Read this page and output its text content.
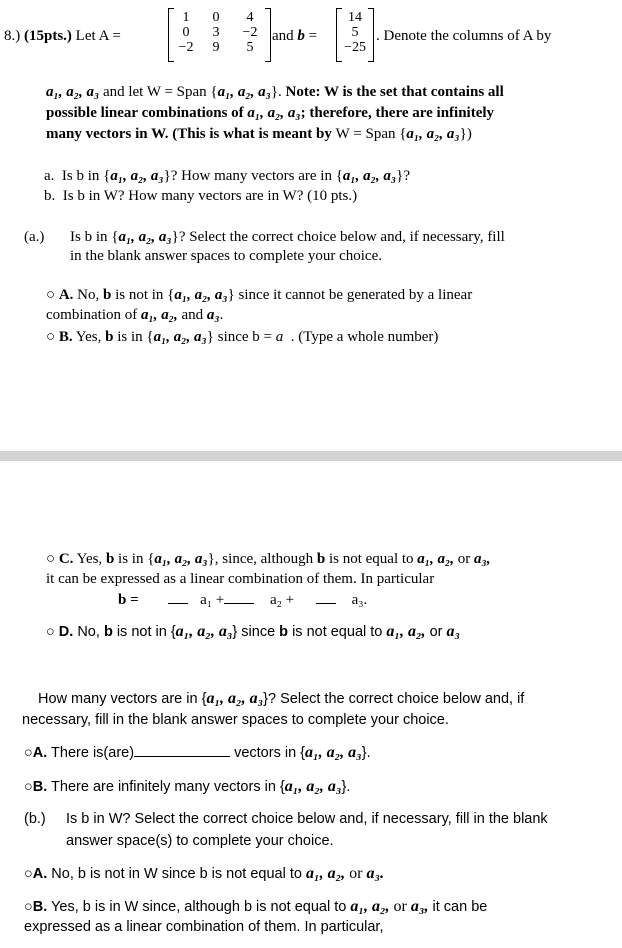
8.) (15pts.) Let A =
1	0	4
0	3	−2
−2	9	5
and b =
14
5
−25
. Denote the columns of A by
a₁, a₂, a₃ and let W = Span {a₁, a₂, a₃}. Note: W is the set that contains all
possible linear combinations of a₁, a₂, a₃; therefore, there are infinitely
many vectors in W. (This is what is meant by W = Span {a₁, a₂, a₃})
a. Is b in {a₁, a₂, a₃}? How many vectors are in {a₁, a₂, a₃}?
b. Is b in W? How many vectors are in W? (10 pts.)
(a.) Is b in {a₁, a₂, a₃}? Select the correct choice below and, if necessary, fill
in the blank answer spaces to complete your choice.
○ A. No, b is not in {a₁, a₂, a₃} since it cannot be generated by a linear
combination of a₁, a₂, and a₃.
○ B. Yes, b is in {a₁, a₂, a₃} since b = a . (Type a whole number)
○ C. Yes, b is in {a₁, a₂, a₃}, since, although b is not equal to a₁, a₂, or a₃,
it can be expressed as a linear combination of them. In particular
b =	a₁ +	a₂ +	a₃.
○ D. No, b is not in {a₁, a₂, a₃} since b is not equal to a₁, a₂, or a₃
How many vectors are in {a₁, a₂, a₃}? Select the correct choice below and, if
necessary, fill in the blank answer spaces to complete your choice.
○A. There is(are)	vectors in {a₁, a₂, a₃}.
○B. There are infinitely many vectors in {a₁, a₂, a₃}.
(b.) Is b in W? Select the correct choice below and, if necessary, fill in the blank
answer space(s) to complete your choice.
○A. No, b is not in W since b is not equal to a₁, a₂, or a₃.
○B. Yes, b is in W since, although b is not equal to a₁, a₂, or a₃, it can be
expressed as a linear combination of them. In particular,
